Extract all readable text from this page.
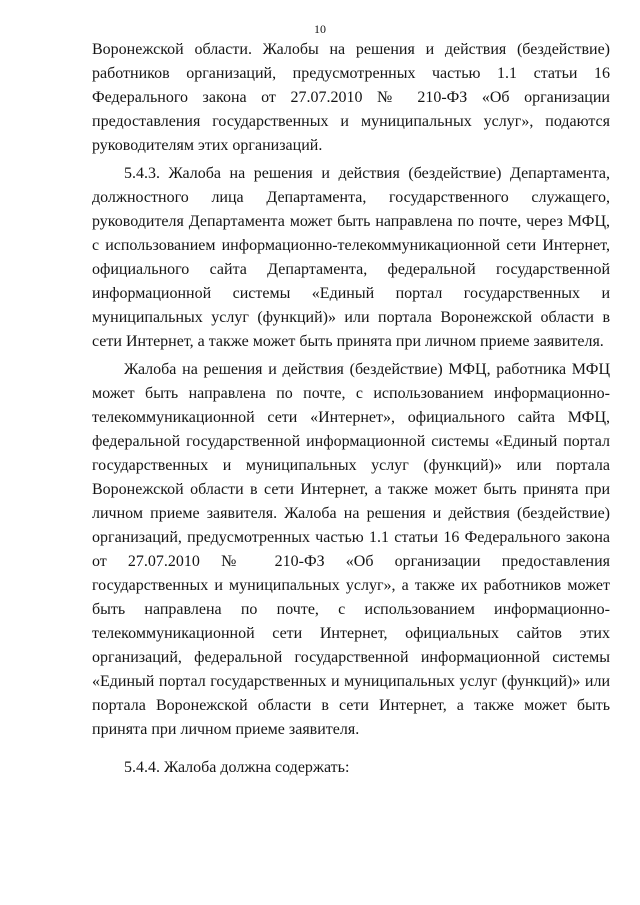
10

Воронежской области. Жалобы на решения и действия (бездействие) работников организаций, предусмотренных частью 1.1 статьи 16 Федерального закона от 27.07.2010 № 210-ФЗ «Об организации предоставления государственных и муниципальных услуг», подаются руководителям этих организаций.

5.4.3. Жалоба на решения и действия (бездействие) Департамента, должностного лица Департамента, государственного служащего, руководителя Департамента может быть направлена по почте, через МФЦ, с использованием информационно-телекоммуникационной сети Интернет, официального сайта Департамента, федеральной государственной информационной системы «Единый портал государственных и муниципальных услуг (функций)» или портала Воронежской области в сети Интернет, а также может быть принята при личном приеме заявителя.

Жалоба на решения и действия (бездействие) МФЦ, работника МФЦ может быть направлена по почте, с использованием информационно-телекоммуникационной сети «Интернет», официального сайта МФЦ, федеральной государственной информационной системы «Единый портал государственных и муниципальных услуг (функций)» или портала Воронежской области в сети Интернет, а также может быть принята при личном приеме заявителя. Жалоба на решения и действия (бездействие) организаций, предусмотренных частью 1.1 статьи 16 Федерального закона от 27.07.2010 № 210-ФЗ «Об организации предоставления государственных и муниципальных услуг», а также их работников может быть направлена по почте, с использованием информационно-телекоммуникационной сети Интернет, официальных сайтов этих организаций, федеральной государственной информационной системы «Единый портал государственных и муниципальных услуг (функций)» или портала Воронежской области в сети Интернет, а также может быть принята при личном приеме заявителя.

5.4.4. Жалоба должна содержать:
